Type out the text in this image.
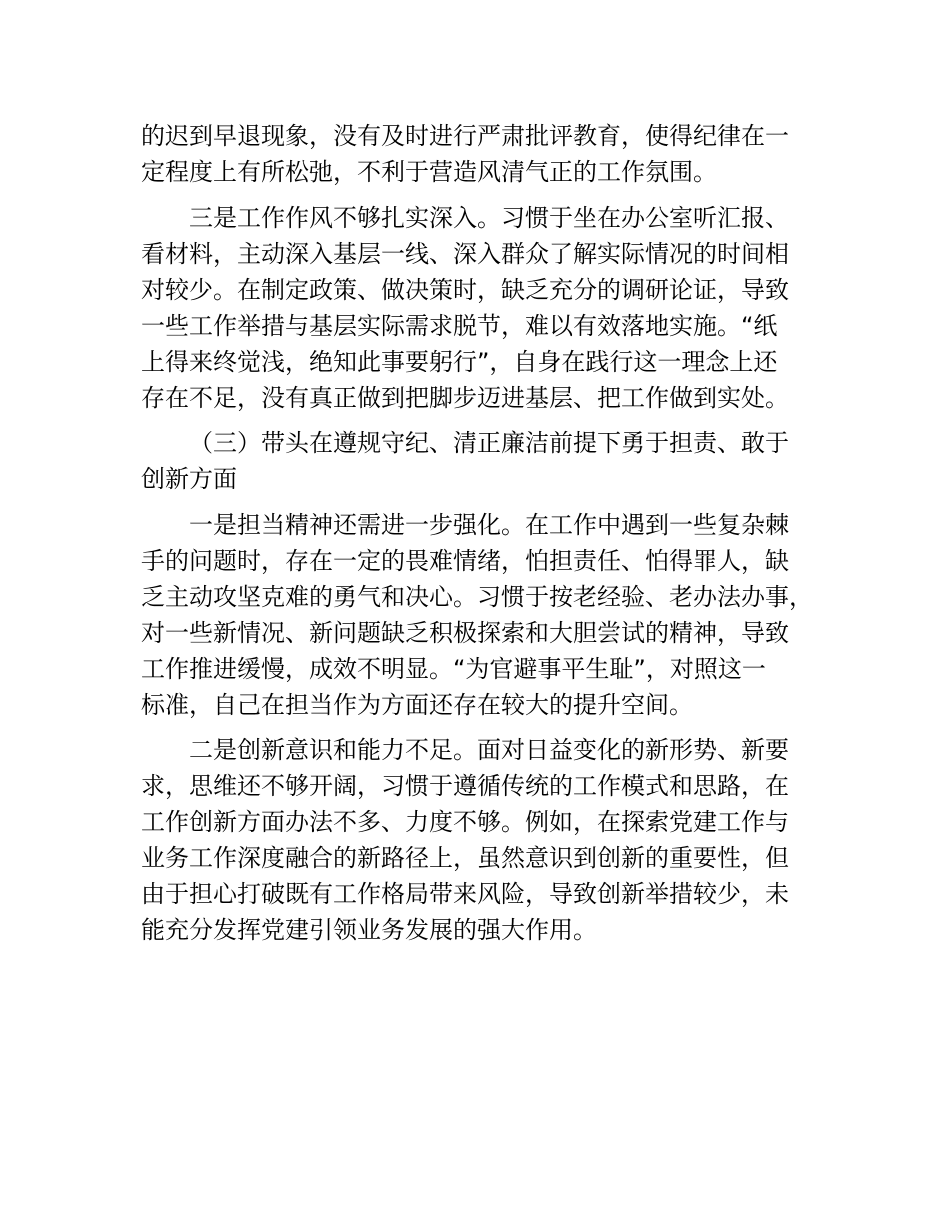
的迟到早退现象，没有及时进行严肃批评教育，使得纪律在一
定程度上有所松弛，不利于营造风清气正的工作氛围。
三是工作作风不够扎实深入。习惯于坐在办公室听汇报、
看材料，主动深入基层一线、深入群众了解实际情况的时间相
对较少。在制定政策、做决策时，缺乏充分的调研论证，导致
一些工作举措与基层实际需求脱节，难以有效落地实施。“纸
上得来终觉浅，绝知此事要躬行”，自身在践行这一理念上还
存在不足，没有真正做到把脚步迈进基层、把工作做到实处。
（三）带头在遵规守纪、清正廉洁前提下勇于担责、敢于
创新方面
一是担当精神还需进一步强化。在工作中遇到一些复杂棘
手的问题时，存在一定的畏难情绪，怕担责任、怕得罪人，缺
乏主动攻坚克难的勇气和决心。习惯于按老经验、老办法办事，
对一些新情况、新问题缺乏积极探索和大胆尝试的精神，导致
工作推进缓慢，成效不明显。“为官避事平生耻”，对照这一
标准，自己在担当作为方面还存在较大的提升空间。
二是创新意识和能力不足。面对日益变化的新形势、新要
求，思维还不够开阔，习惯于遵循传统的工作模式和思路，在
工作创新方面办法不多、力度不够。例如，在探索党建工作与
业务工作深度融合的新路径上，虽然意识到创新的重要性，但
由于担心打破既有工作格局带来风险，导致创新举措较少，未
能充分发挥党建引领业务发展的强大作用。
